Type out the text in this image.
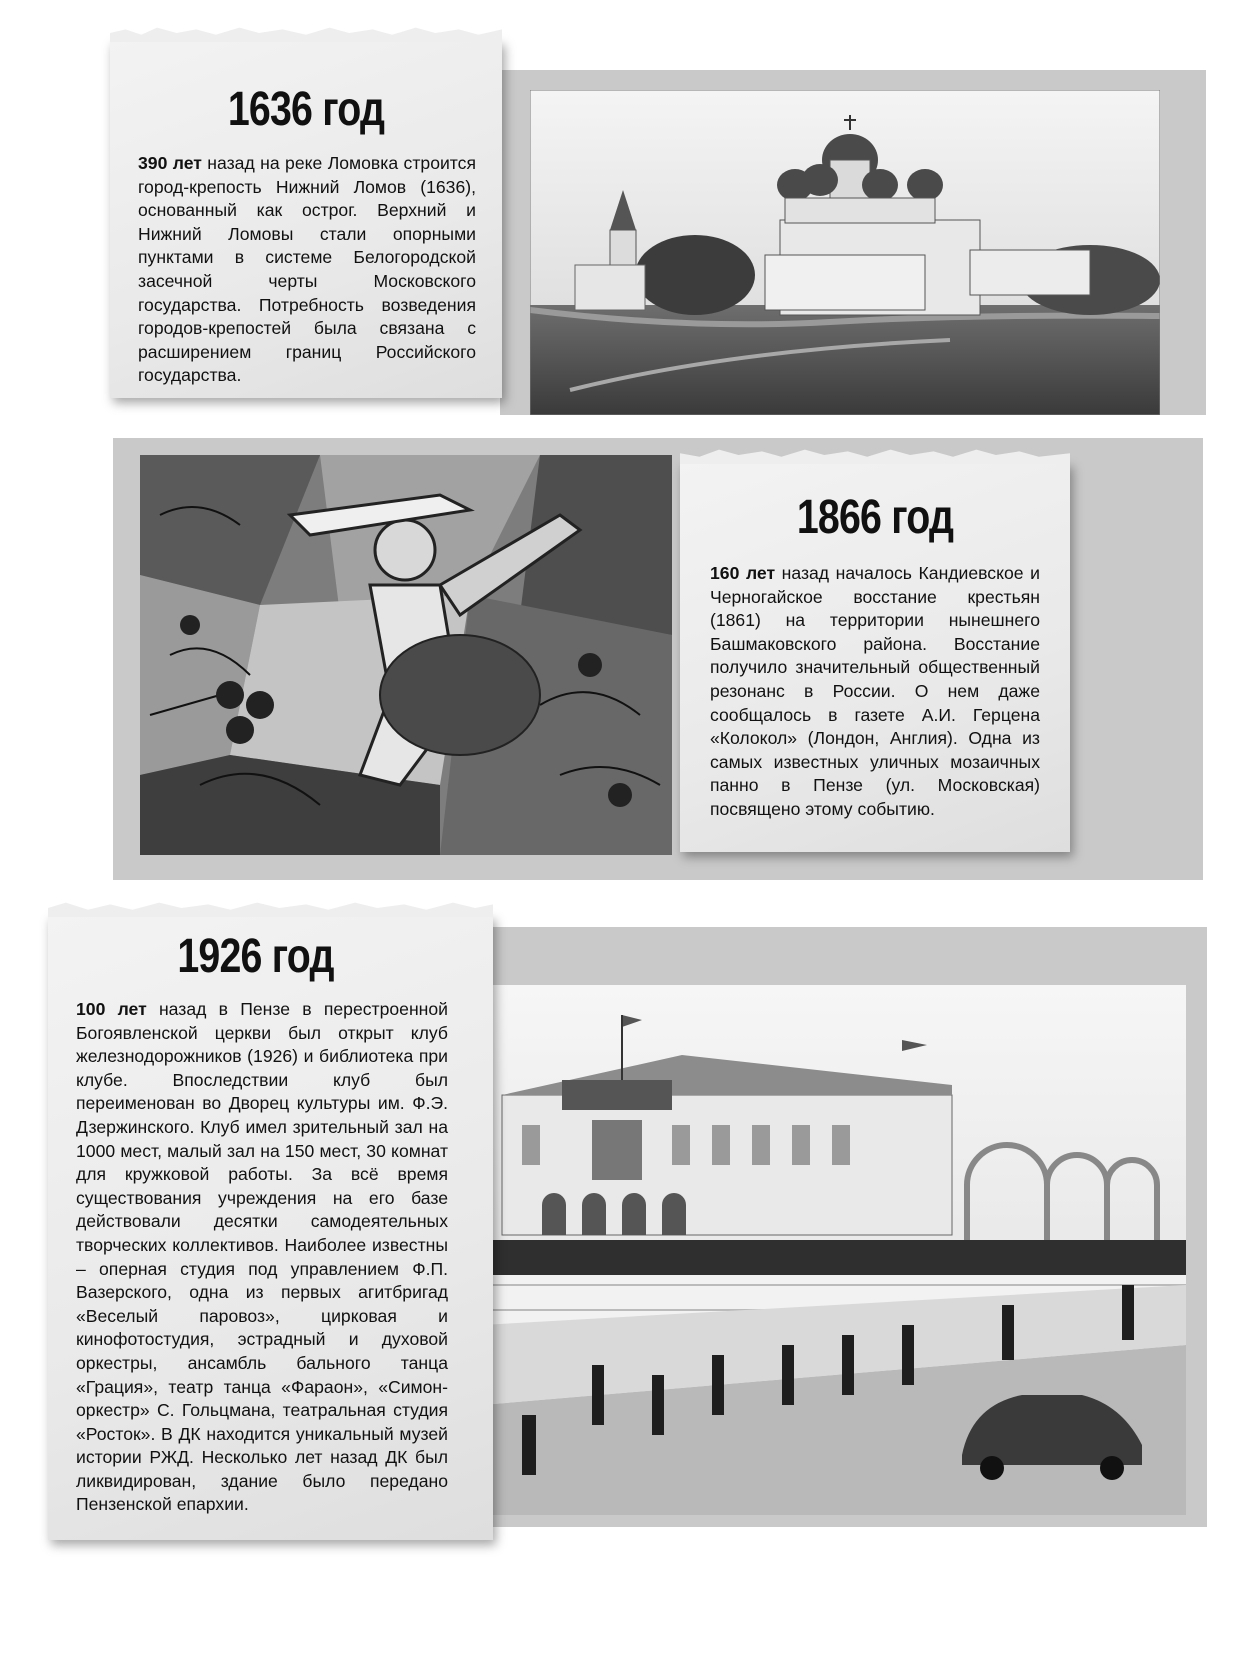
1636 год
390 лет назад на реке Ломовка строится город-крепость Нижний Ломов (1636), основанный как острог. Верхний и Нижний Ломовы стали опорными пунктами в системе Белогородской засечной черты Московского государства. Потребность возведения городов-крепостей была связана с расширением границ Российского государства.
1866 год
160 лет назад началось Кандиевское и Черногайское восстание крестьян (1861) на территории нынешнего Башмаковского района. Восстание получило значительный общественный резонанс в России. О нем даже сообщалось в газете А.И. Герцена «Колокол» (Лондон, Англия). Одна из самых известных уличных мозаичных панно в Пензе (ул. Московская) посвящено этому событию.
1926 год
100 лет назад в Пензе в перестроенной Богоявленской церкви был открыт клуб железнодорожников (1926) и библиотека при клубе. Впоследствии клуб был переименован во Дворец культуры им. Ф.Э. Дзержинского. Клуб имел зрительный зал на 1000 мест, малый зал на 150 мест, 30 комнат для кружковой работы. За всё время существования учреждения на его базе действовали десятки самодеятельных творческих коллективов. Наиболее известны – оперная студия под управлением Ф.П. Вазерского, одна из первых агитбригад «Веселый паровоз», цирковая и кинофотостудия, эстрадный и духовой оркестры, ансамбль бального танца «Грация», театр танца «Фараон», «Симон-оркестр» С. Гольцмана, театральная студия «Росток». В ДК находится уникальный музей истории РЖД. Несколько лет назад ДК был ликвидирован, здание было передано Пензенской епархии.
